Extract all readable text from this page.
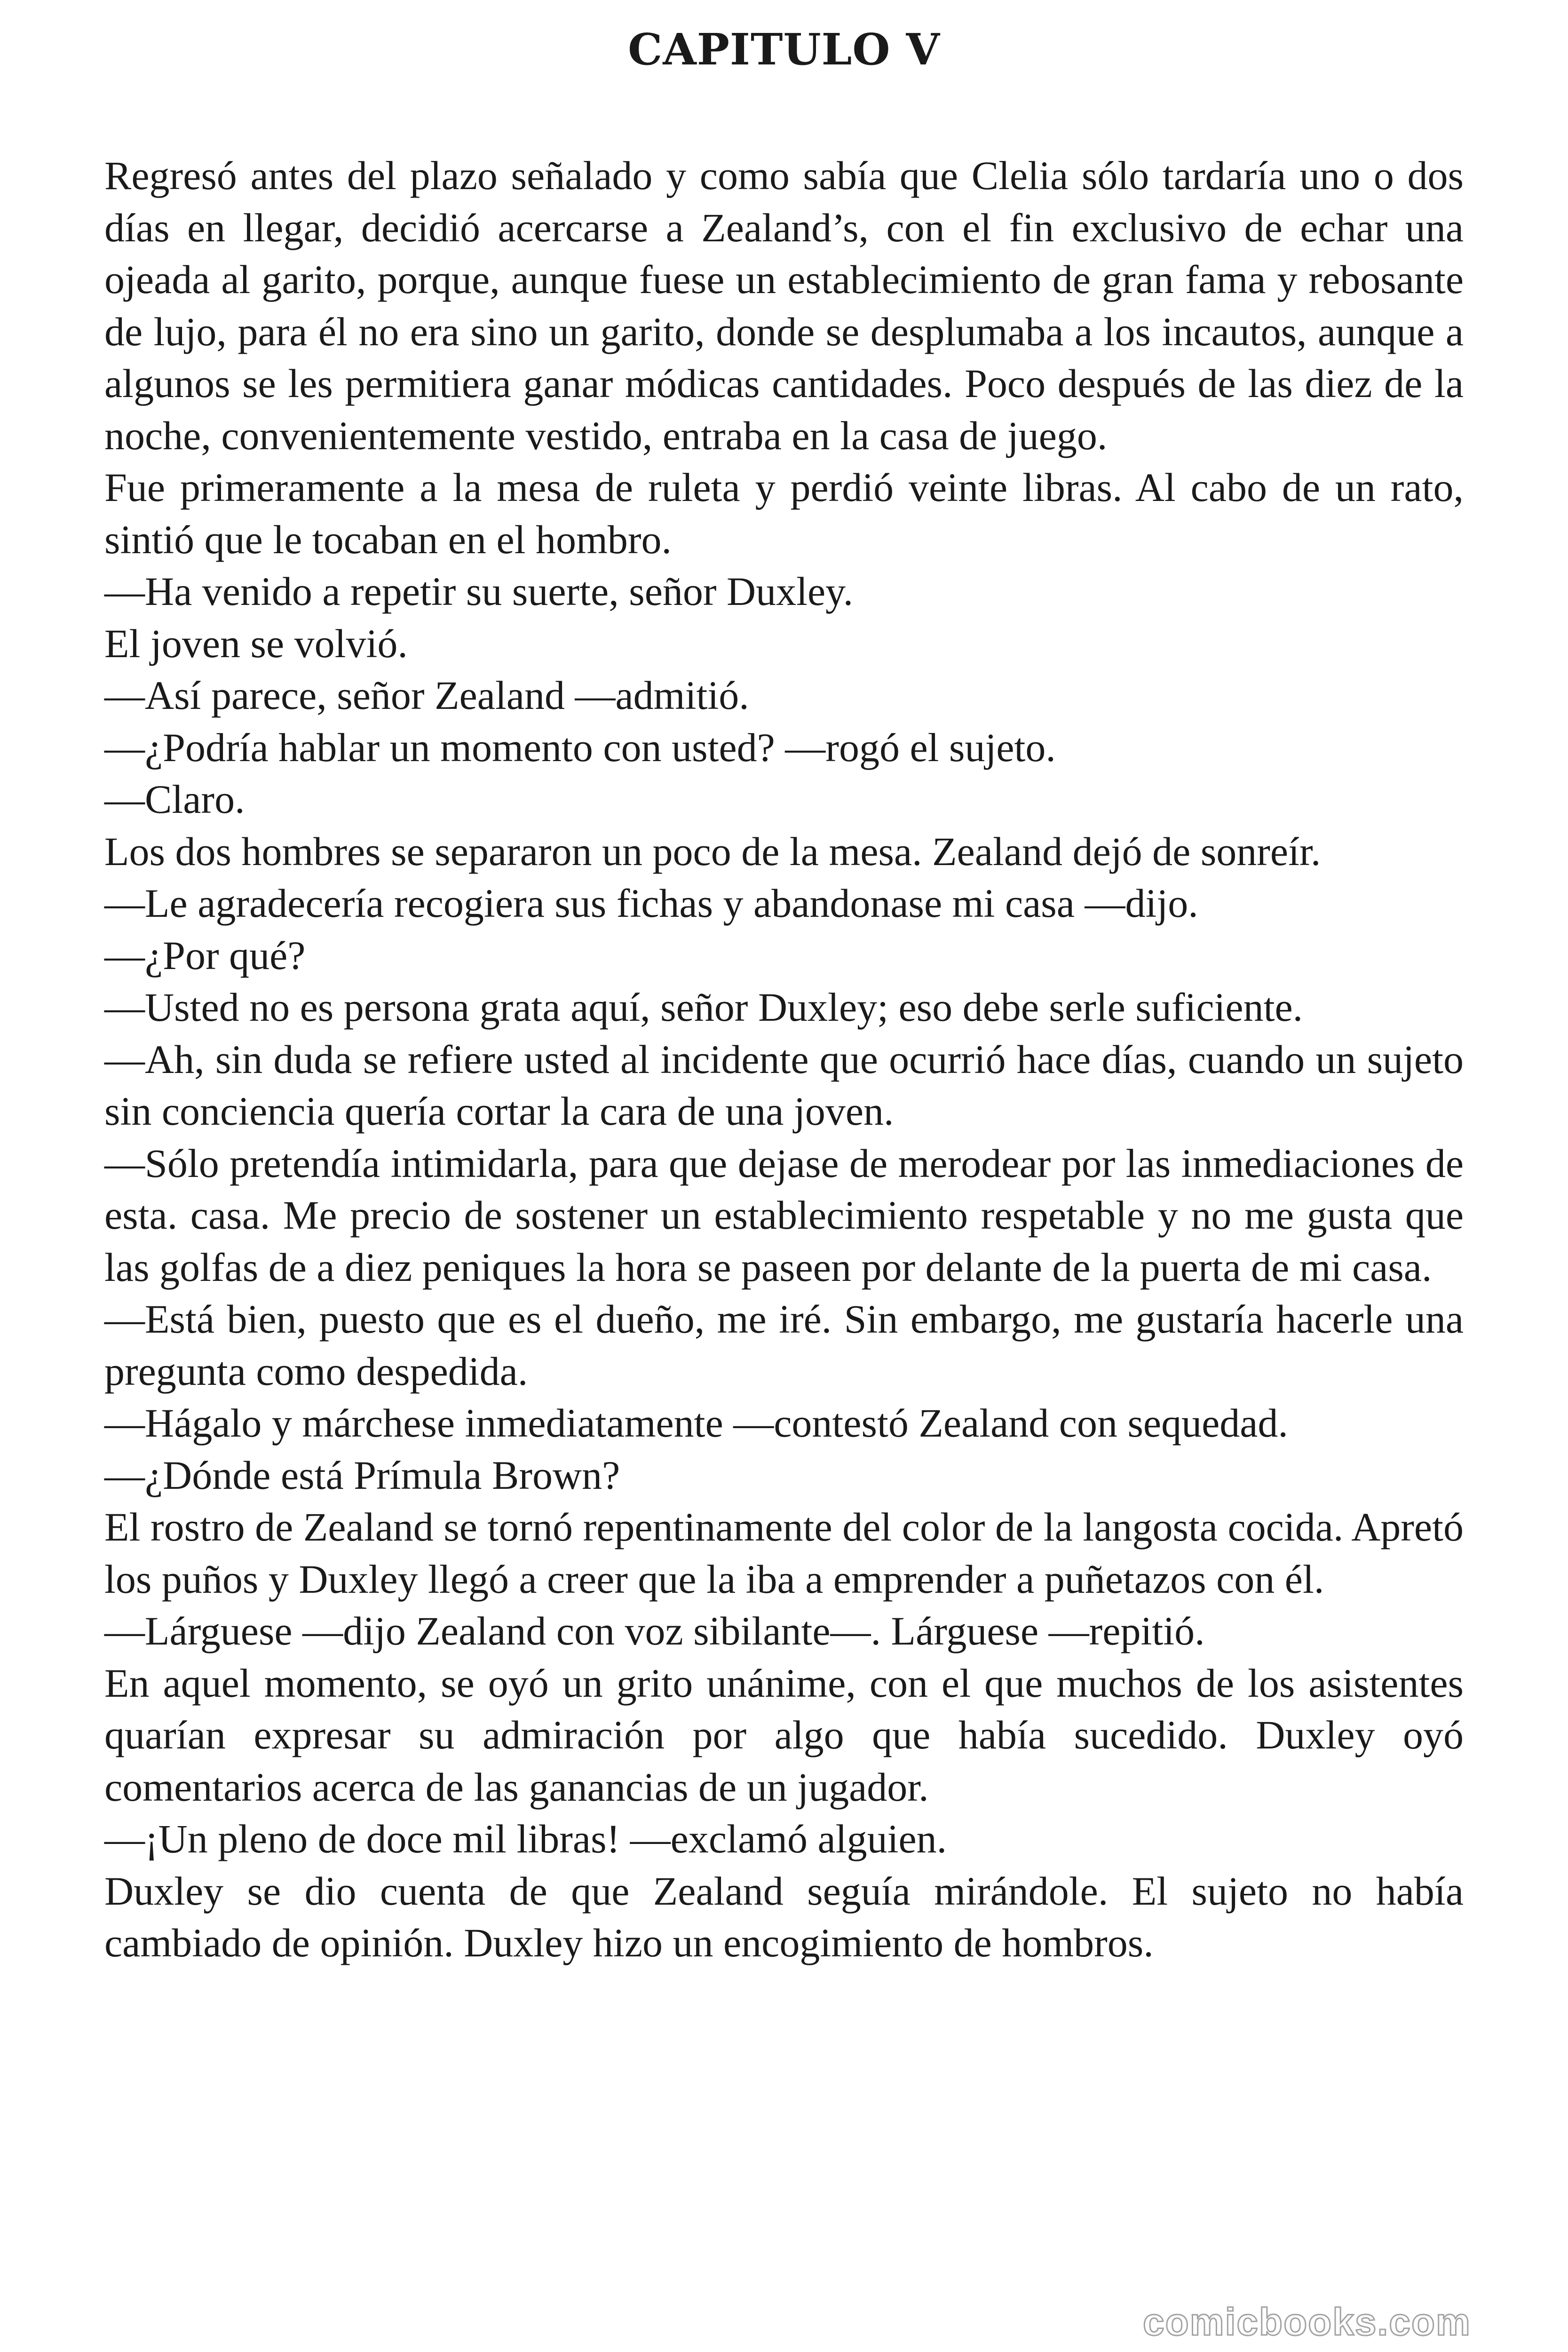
CAPITULO V

Regresó antes del plazo señalado y como sabía que Clelia sólo tardaría uno o dos días en llegar, decidió acercarse a Zealand’s, con el fin exclusivo de echar una ojeada al garito, porque, aunque fuese un establecimiento de gran fama y rebosante de lujo, para él no era sino un garito, donde se desplumaba a los incautos, aunque a algunos se les permitiera ganar módicas cantidades. Poco después de las diez de la noche, convenientemente vestido, entraba en la casa de juego.

Fue primeramente a la mesa de ruleta y perdió veinte libras. Al cabo de un rato, sintió que le tocaban en el hombro.

—Ha venido a repetir su suerte, señor Duxley.

El joven se volvió.

—Así parece, señor Zealand —admitió.

—¿Podría hablar un momento con usted? —rogó el sujeto.

—Claro.

Los dos hombres se separaron un poco de la mesa. Zealand dejó de sonreír.

—Le agradecería recogiera sus fichas y abandonase mi casa —dijo.

—¿Por qué?

—Usted no es persona grata aquí, señor Duxley; eso debe serle suficiente.

—Ah, sin duda se refiere usted al incidente que ocurrió hace días, cuando un sujeto sin conciencia quería cortar la cara de una joven.

—Sólo pretendía intimidarla, para que dejase de merodear por las inmediaciones de esta. casa. Me precio de sostener un establecimiento respetable y no me gusta que las golfas de a diez peniques la hora se paseen por delante de la puerta de mi casa.

—Está bien, puesto que es el dueño, me iré. Sin embargo, me gustaría hacerle una pregunta como despedida.

—Hágalo y márchese inmediatamente —contestó Zealand con sequedad.

—¿Dónde está Prímula Brown?

El rostro de Zealand se tornó repentinamente del color de la langosta cocida. Apretó los puños y Duxley llegó a creer que la iba a emprender a puñetazos con él.

—Lárguese —dijo Zealand con voz sibilante—. Lárguese —repitió.

En aquel momento, se oyó un grito unánime, con el que muchos de los asistentes quarían expresar su admiración por algo que había sucedido. Duxley oyó comentarios acerca de las ganancias de un jugador.

—¡Un pleno de doce mil libras! —exclamó alguien.

Duxley se dio cuenta de que Zealand seguía mirándole. El sujeto no había cambiado de opinión. Duxley hizo un encogimiento de hombros.

comicbooks.com
